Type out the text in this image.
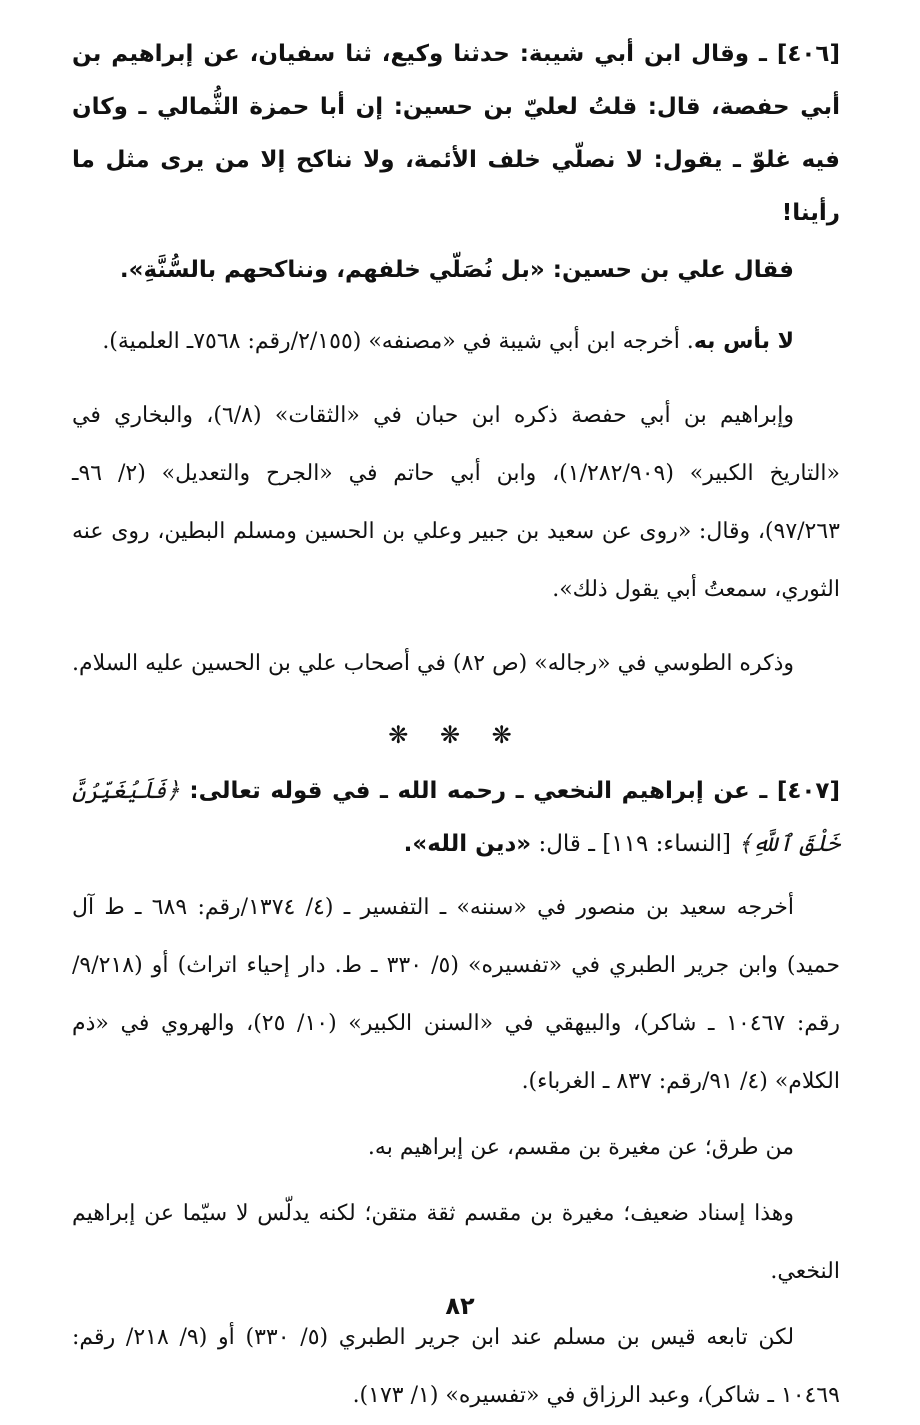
[٤٠٦] ـ وقال ابن أبي شيبة: حدثنا وكيع، ثنا سفيان، عن إبراهيم بن أبي حفصة، قال: قلتُ لعليّ بن حسين: إن أبا حمزة الثُّمالي ـ وكان فيه غلوّ ـ يقول: لا نصلّي خلف الأئمة، ولا نناكح إلا من يرى مثل ما رأينا!

فقال علي بن حسين: «بل نُصَلّي خلفهم، ونناكحهم بالسُّنَّةِ».

لا بأس به. أخرجه ابن أبي شيبة في «مصنفه» (٢/١٥٥/رقم: ٧٥٦٨ـ العلمية).

وإبراهيم بن أبي حفصة ذكره ابن حبان في «الثقات» (٦/٨)، والبخاري في «التاريخ الكبير» (١/٢٨٢/٩٠٩)، وابن أبي حاتم في «الجرح والتعديل» (٢/ ٩٦ـ ٩٧/٢٦٣)، وقال: «روى عن سعيد بن جبير وعلي بن الحسين ومسلم البطين، روى عنه الثوري، سمعتُ أبي يقول ذلك».

وذكره الطوسي في «رجاله» (ص ٨٢) في أصحاب علي بن الحسين عليه السلام.

❋ ❋ ❋

[٤٠٧] ـ عن إبراهيم النخعي ـ رحمه الله ـ في قوله تعالى: ﴿فَلَيُغَيِّرُنَّ خَلْقَ ٱللَّهِ﴾ [النساء: ١١٩] ـ قال: «دين الله».

أخرجه سعيد بن منصور في «سننه» ـ التفسير ـ (٤/ ١٣٧٤/رقم: ٦٨٩ ـ ط آل حميد) وابن جرير الطبري في «تفسيره» (٥/ ٣٣٠ ـ ط. دار إحياء اتراث) أو (٩/٢١٨/رقم: ١٠٤٦٧ ـ شاكر)، والبيهقي في «السنن الكبير» (١٠/ ٢٥)، والهروي في «ذم الكلام» (٤/ ٩١/رقم: ٨٣٧ ـ الغرباء).

من طرق؛ عن مغيرة بن مقسم، عن إبراهيم به.

وهذا إسناد ضعيف؛ مغيرة بن مقسم ثقة متقن؛ لكنه يدلّس لا سيّما عن إبراهيم النخعي.

لكن تابعه قيس بن مسلم عند ابن جرير الطبري (٥/ ٣٣٠) أو (٩/ ٢١٨/ رقم: ١٠٤٦٩ ـ شاكر)، وعبد الرزاق في «تفسيره» (١/ ١٧٣).

٨٢
